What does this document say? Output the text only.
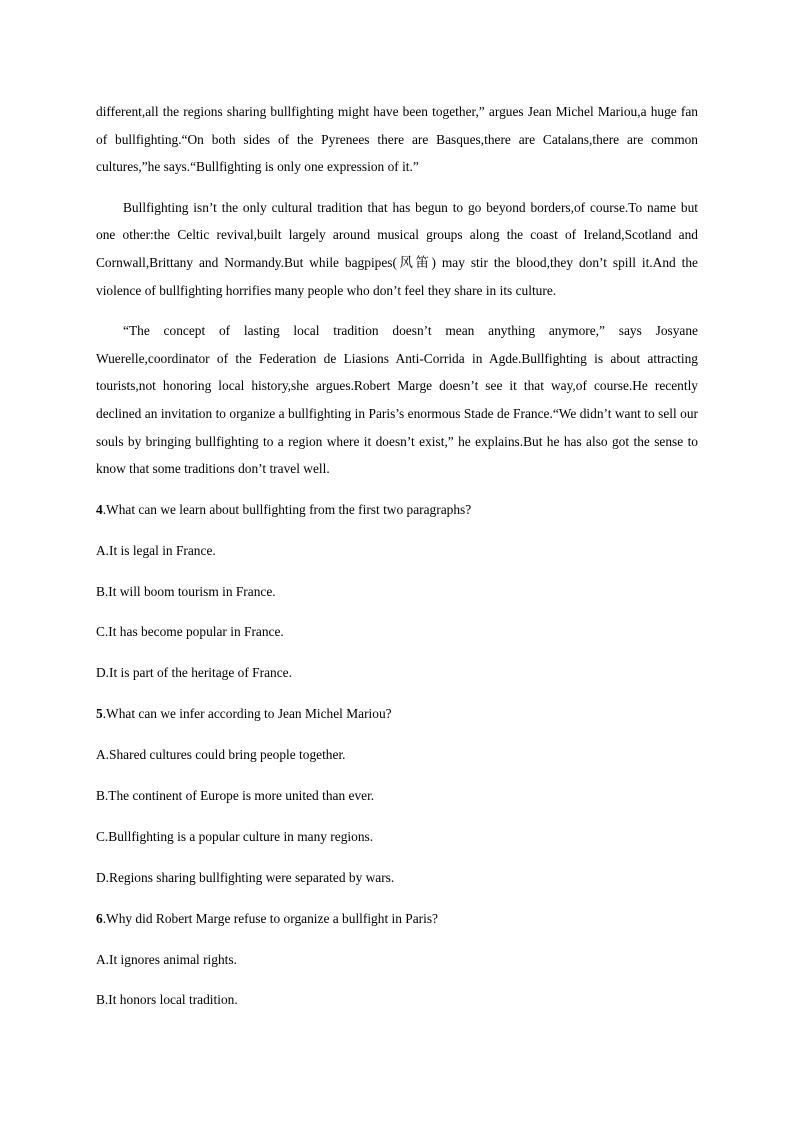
different,all the regions sharing bullfighting might have been together,” argues Jean Michel Mariou,a huge fan of bullfighting.“On both sides of the Pyrenees there are Basques,there are Catalans,there are common cultures,”he says.“Bullfighting is only one expression of it.”

Bullfighting isn’t the only cultural tradition that has begun to go beyond borders,of course.To name but one other:the Celtic revival,built largely around musical groups along the coast of Ireland,Scotland and Cornwall,Brittany and Normandy.But while bagpipes(风笛) may stir the blood,they don’t spill it.And the violence of bullfighting horrifies many people who don’t feel they share in its culture.

“The concept of lasting local tradition doesn’t mean anything anymore,” says Josyane Wuerelle,coordinator of the Federation de Liasions Anti-Corrida in Agde.Bullfighting is about attracting tourists,not honoring local history,she argues.Robert Marge doesn’t see it that way,of course.He recently declined an invitation to organize a bullfighting in Paris’s enormous Stade de France.“We didn’t want to sell our souls by bringing bullfighting to a region where it doesn’t exist,” he explains.But he has also got the sense to know that some traditions don’t travel well.

4.What can we learn about bullfighting from the first two paragraphs?
A.It is legal in France.
B.It will boom tourism in France.
C.It has become popular in France.
D.It is part of the heritage of France.
5.What can we infer according to Jean Michel Mariou?
A.Shared cultures could bring people together.
B.The continent of Europe is more united than ever.
C.Bullfighting is a popular culture in many regions.
D.Regions sharing bullfighting were separated by wars.
6.Why did Robert Marge refuse to organize a bullfight in Paris?
A.It ignores animal rights.
B.It honors local tradition.
